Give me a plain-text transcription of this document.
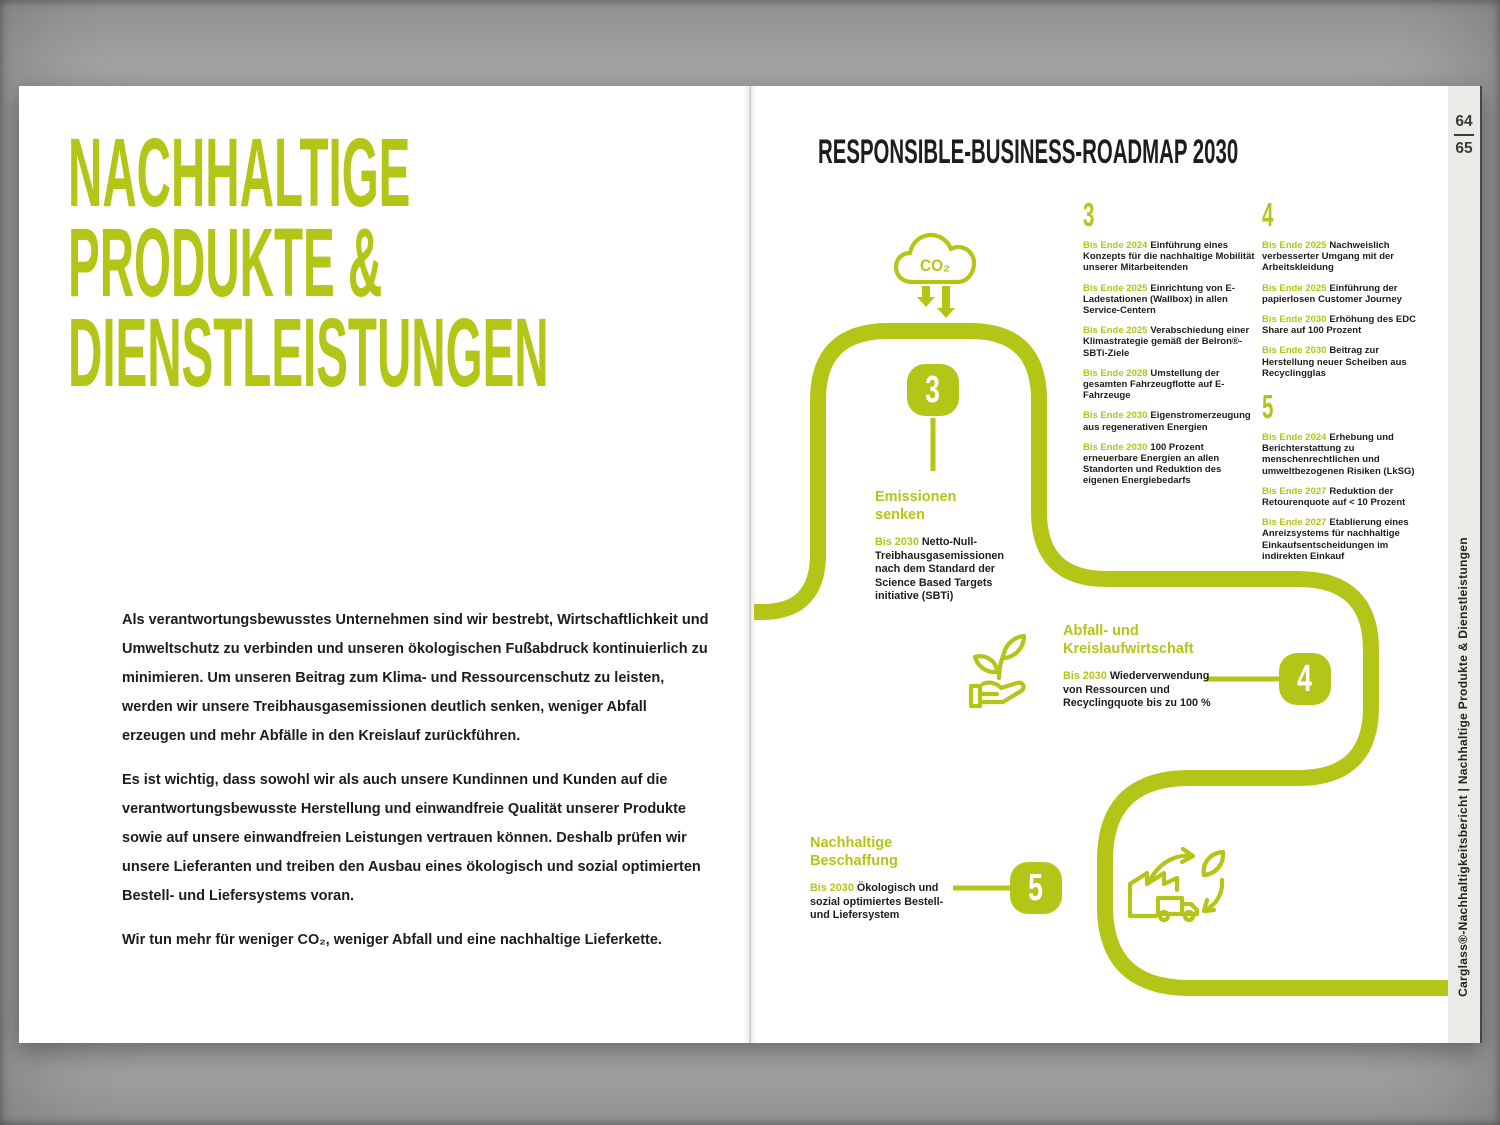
NACHHALTIGE
PRODUKTE &
DIENSTLEISTUNGEN

Als verantwortungsbewusstes Unternehmen sind wir bestrebt, Wirtschaftlichkeit und Umweltschutz zu verbinden und unseren ökologischen Fußabdruck kontinuierlich zu minimieren. Um unseren Beitrag zum Klima- und Ressourcenschutz zu leisten, werden wir unsere Treibhausgasemissionen deutlich senken, weniger Abfall erzeugen und mehr Abfälle in den Kreislauf zurückführen.

Es ist wichtig, dass sowohl wir als auch unsere Kundinnen und Kunden auf die verantwortungsbewusste Herstellung und einwandfreie Qualität unserer Produkte sowie auf unsere einwandfreien Leistungen vertrauen können. Deshalb prüfen wir unsere Lieferanten und treiben den Ausbau eines ökologisch und sozial optimierten Bestell- und Liefersystems voran.

Wir tun mehr für weniger CO₂, weniger Abfall und eine nachhaltige Lieferkette.

RESPONSIBLE-BUSINESS-ROADMAP 2030
CO₂
3
4
5
3

Bis Ende 2024 Einführung eines Konzepts für die nachhaltige Mobilität unserer Mitarbeitenden

Bis Ende 2025 Einrichtung von E-Ladestationen (Wallbox) in allen Service-Centern

Bis Ende 2025 Verabschiedung einer Klimastrategie gemäß der Belron®-SBTi-Ziele

Bis Ende 2028 Umstellung der gesamten Fahrzeugflotte auf E-Fahrzeuge

Bis Ende 2030 Eigenstromerzeugung aus regenerativen Energien

Bis Ende 2030 100 Prozent erneuerbare Energien an allen Standorten und Reduktion des eigenen Energiebedarfs

4

Bis Ende 2025 Nachweislich verbesserter Umgang mit der Arbeitskleidung

Bis Ende 2025 Einführung der papierlosen Customer Journey

Bis Ende 2030 Erhöhung des EDC Share auf 100 Prozent

Bis Ende 2030 Beitrag zur Herstellung neuer Scheiben aus Recyclingglas

5

Bis Ende 2024 Erhebung und Berichterstattung zu menschenrechtlichen und umweltbezogenen Risiken (LkSG)

Bis Ende 2027 Reduktion der Retourenquote auf < 10 Prozent

Bis Ende 2027 Etablierung eines Anreizsystems für nachhaltige Einkaufsentscheidungen im indirekten Einkauf

Emissionen senken

Bis 2030 Netto-Null-Treibhausgasemissionen nach dem Standard der Science Based Targets initiative (SBTi)

Abfall- und Kreislaufwirtschaft

Bis 2030 Wiederverwendung von Ressourcen und Recyclingquote bis zu 100 %

Nachhaltige Beschaffung

Bis 2030 Ökologisch und sozial optimiertes Bestell- und Liefersystem

64
65
Carglass®-Nachhaltigkeitsbericht | Nachhaltige Produkte & Dienstleistungen
